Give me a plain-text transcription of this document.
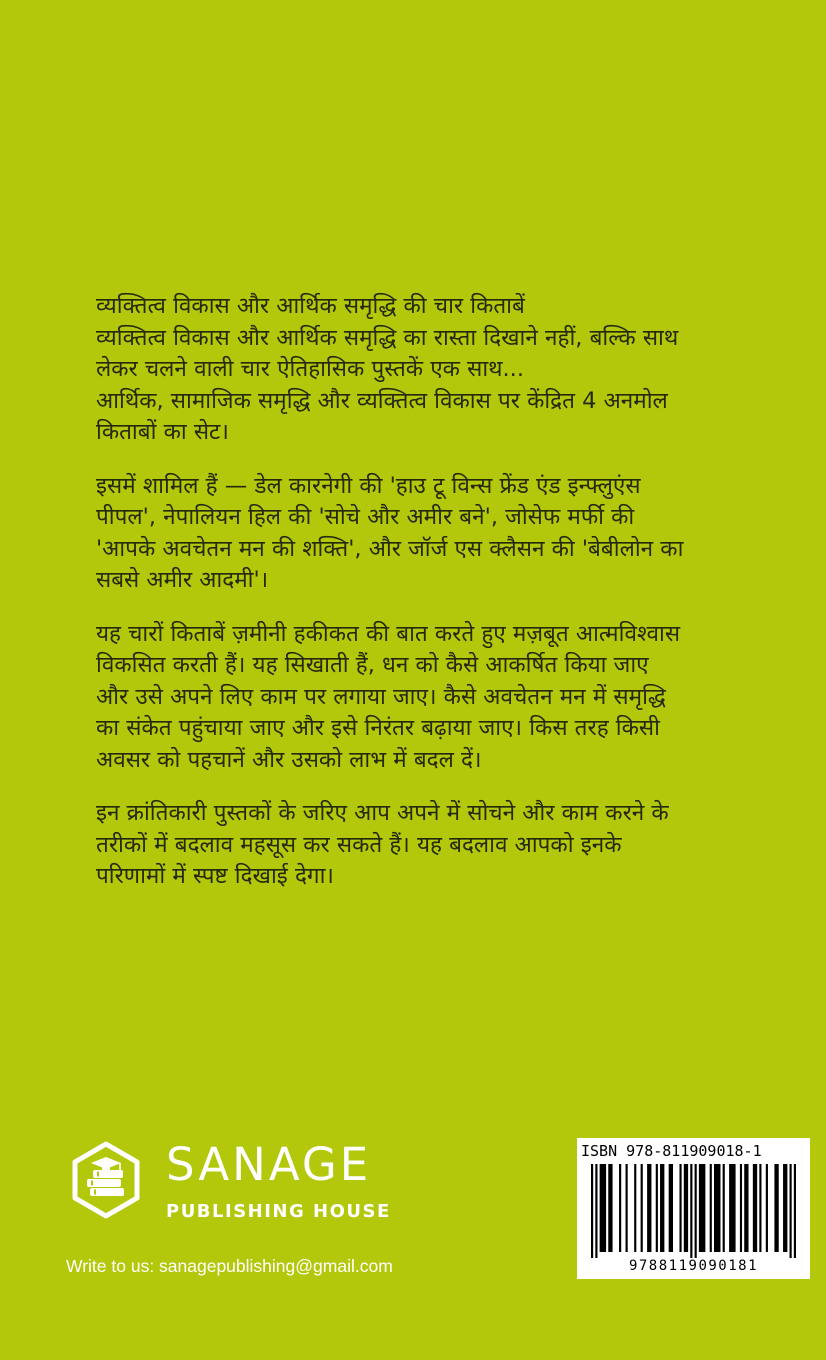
व्यक्तित्व विकास और आर्थिक समृद्धि की चार किताबें
व्यक्तित्व विकास और आर्थिक समृद्धि का रास्ता दिखाने नहीं, बल्कि साथ
लेकर चलने वाली चार ऐतिहासिक पुस्तकें एक साथ...
आर्थिक, सामाजिक समृद्धि और व्यक्तित्व विकास पर केंद्रित 4 अनमोल
किताबों का सेट।

इसमें शामिल हैं — डेल कारनेगी की 'हाउ टू विन्स फ्रेंड एंड इन्फ्लुएंस
पीपल', नेपालियन हिल की 'सोचे और अमीर बने', जोसेफ मर्फी की
'आपके अवचेतन मन की शक्ति', और जॉर्ज एस क्लैसन की 'बेबीलोन का
सबसे अमीर आदमी'।

यह चारों किताबें ज़मीनी हकीकत की बात करते हुए मज़बूत आत्मविश्वास
विकसित करती हैं। यह सिखाती हैं, धन को कैसे आकर्षित किया जाए
और उसे अपने लिए काम पर लगाया जाए। कैसे अवचेतन मन में समृद्धि
का संकेत पहुंचाया जाए और इसे निरंतर बढ़ाया जाए। किस तरह किसी
अवसर को पहचानें और उसको लाभ में बदल दें।

इन क्रांतिकारी पुस्तकों के जरिए आप अपने में सोचने और काम करने के
तरीकों में बदलाव महसूस कर सकते हैं। यह बदलाव आपको इनके
परिणामों में स्पष्ट दिखाई देगा।

SANAGE
PUBLISHING HOUSE
Write to us: sanagepublishing@gmail.com
ISBN 978-811909018-1
9788119090181
